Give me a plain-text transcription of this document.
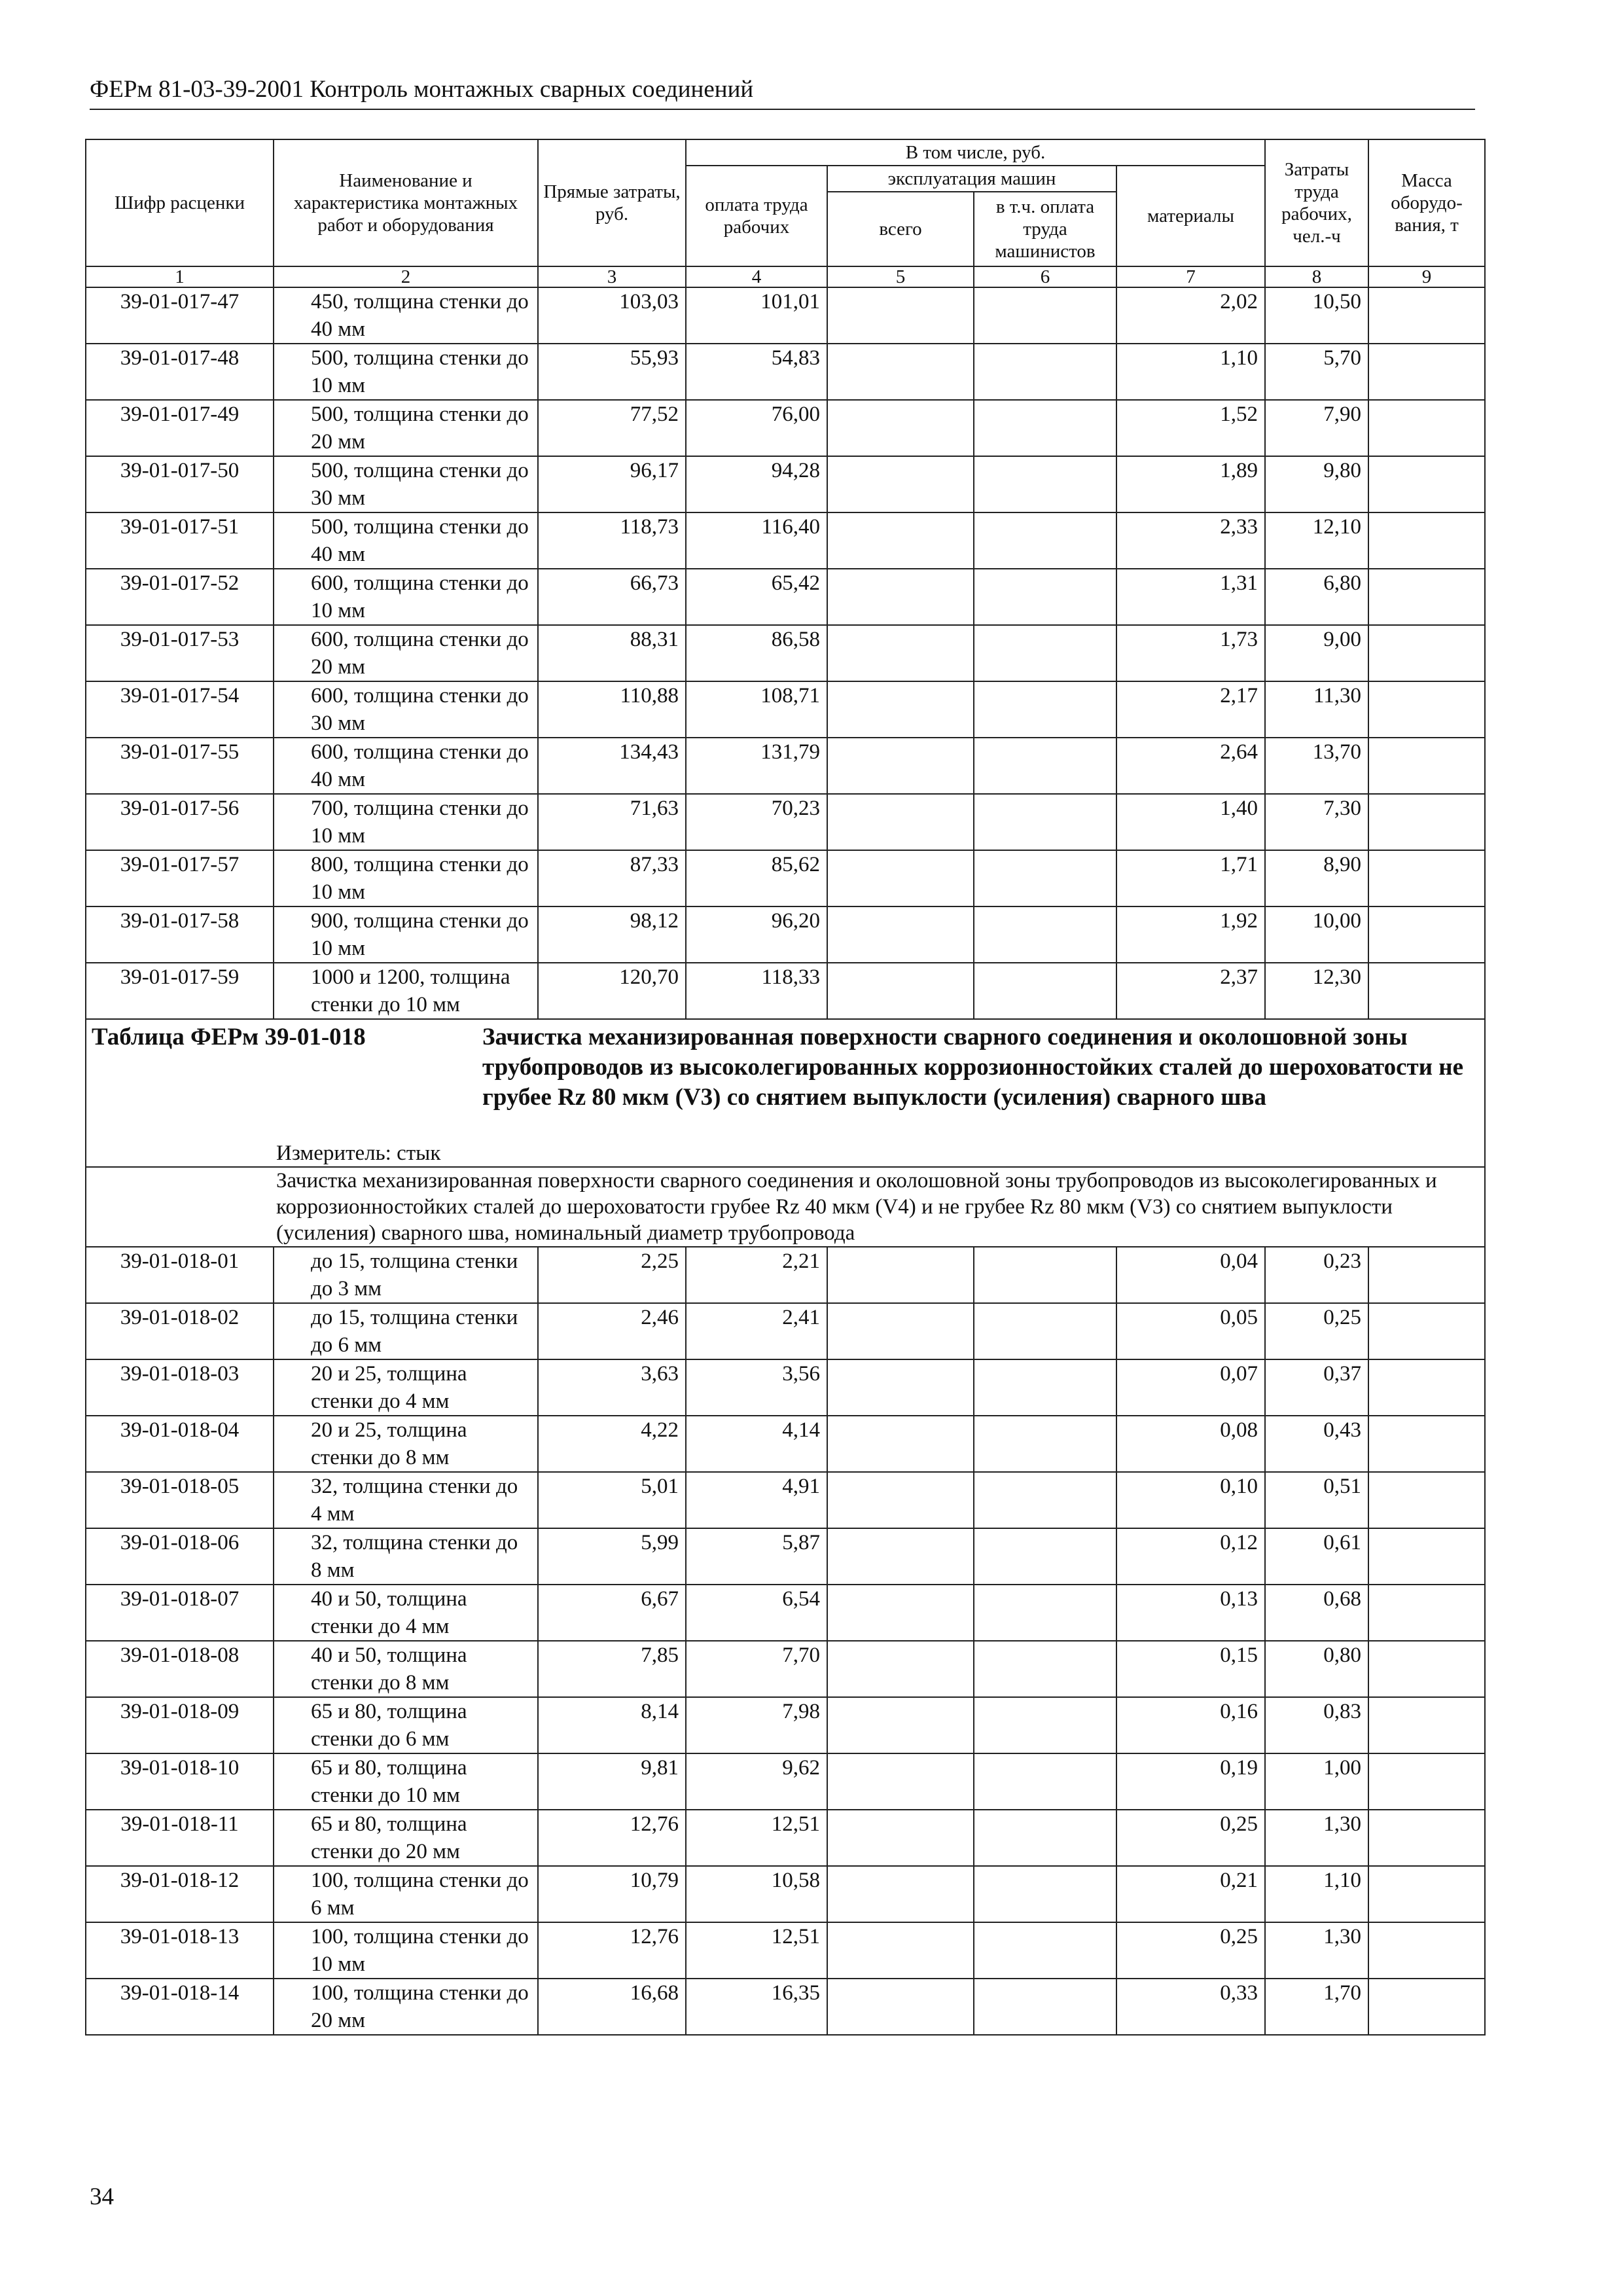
ФЕРм 81-03-39-2001 Контроль монтажных сварных соединений
Шифр расценки	Наименование и характеристика монтажных работ и оборудования	Прямые затраты, руб.	В том числе, руб.				Затраты труда рабочих, чел.-ч	Масса оборудо-вания, т
			оплата труда рабочих	эксплуатация машин		материалы		
				всего	в т.ч. оплата труда машинистов			
1	2	3	4	5	6	7	8	9
39-01-017-47	450, толщина стенки до 40 мм	103,03	101,01			2,02	10,50	
39-01-017-48	500, толщина стенки до 10 мм	55,93	54,83			1,10	5,70	
39-01-017-49	500, толщина стенки до 20 мм	77,52	76,00			1,52	7,90	
39-01-017-50	500, толщина стенки до 30 мм	96,17	94,28			1,89	9,80	
39-01-017-51	500, толщина стенки до 40 мм	118,73	116,40			2,33	12,10	
39-01-017-52	600, толщина стенки до 10 мм	66,73	65,42			1,31	6,80	
39-01-017-53	600, толщина стенки до 20 мм	88,31	86,58			1,73	9,00	
39-01-017-54	600, толщина стенки до 30 мм	110,88	108,71			2,17	11,30	
39-01-017-55	600, толщина стенки до 40 мм	134,43	131,79			2,64	13,70	
39-01-017-56	700, толщина стенки до 10 мм	71,63	70,23			1,40	7,30	
39-01-017-57	800, толщина стенки до 10 мм	87,33	85,62			1,71	8,90	
39-01-017-58	900, толщина стенки до 10 мм	98,12	96,20			1,92	10,00	
39-01-017-59	1000 и 1200, толщина стенки до 10 мм	120,70	118,33			2,37	12,30	

Таблица ФЕРм 39-01-018 Зачистка механизированная поверхности сварного соединения и околошовной зоны трубопроводов из высоколегированных коррозионностойких сталей до шероховатости не грубее Rz 80 мкм (V3) со снятием выпуклости (усиления) сварного шва
Измеритель: стык								

Зачистка механизированная поверхности сварного соединения и околошовной зоны трубопроводов из высоколегированных и коррозионностойких сталей до шероховатости грубее Rz 40 мкм (V4) и не грубее Rz 80 мкм (V3) со снятием выпуклости (усиления) сварного шва, номинальный диаметр трубопровода								

39-01-018-01	до 15, толщина стенки до 3 мм	2,25	2,21			0,04	0,23	
39-01-018-02	до 15, толщина стенки до 6 мм	2,46	2,41			0,05	0,25	
39-01-018-03	20 и 25, толщина стенки до 4 мм	3,63	3,56			0,07	0,37	
39-01-018-04	20 и 25, толщина стенки до 8 мм	4,22	4,14			0,08	0,43	
39-01-018-05	32, толщина стенки до 4 мм	5,01	4,91			0,10	0,51	
39-01-018-06	32, толщина стенки до 8 мм	5,99	5,87			0,12	0,61	
39-01-018-07	40 и 50, толщина стенки до 4 мм	6,67	6,54			0,13	0,68	
39-01-018-08	40 и 50, толщина стенки до 8 мм	7,85	7,70			0,15	0,80	
39-01-018-09	65 и 80, толщина стенки до 6 мм	8,14	7,98			0,16	0,83	
39-01-018-10	65 и 80, толщина стенки до 10 мм	9,81	9,62			0,19	1,00	
39-01-018-11	65 и 80, толщина стенки до 20 мм	12,76	12,51			0,25	1,30	
39-01-018-12	100, толщина стенки до 6 мм	10,79	10,58			0,21	1,10	
39-01-018-13	100, толщина стенки до 10 мм	12,76	12,51			0,25	1,30	
39-01-018-14	100, толщина стенки до 20 мм	16,68	16,35			0,33	1,70	
34
